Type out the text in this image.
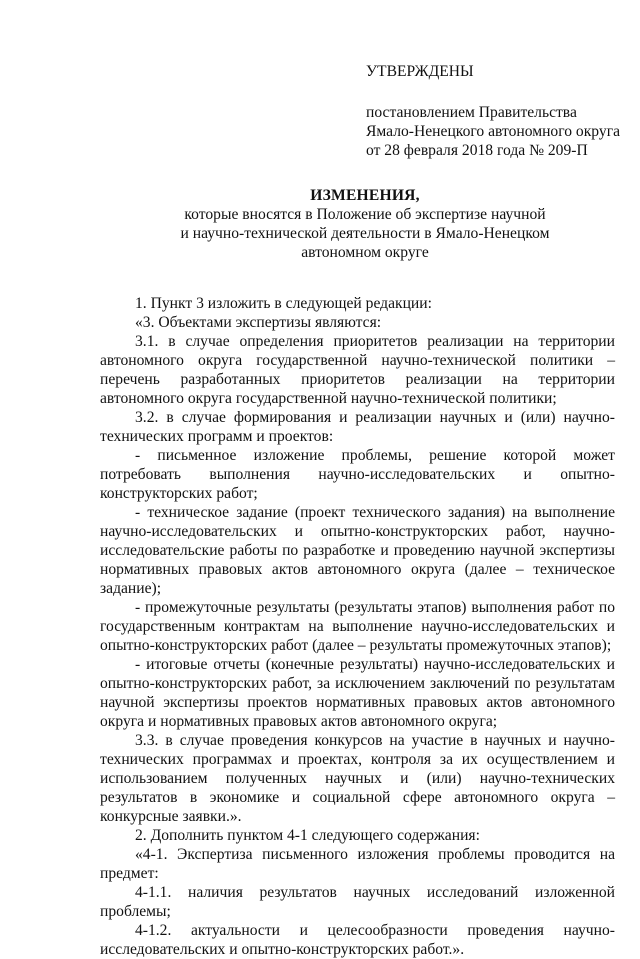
УТВЕРЖДЕНЫ
постановлением Правительства
Ямало-Ненецкого автономного округа
от 28 февраля 2018 года № 209-П
ИЗМЕНЕНИЯ,
которые вносятся в Положение об экспертизе научной
и научно-технической деятельности в Ямало-Ненецком
автономном округе

1. Пункт 3 изложить в следующей редакции:

«3. Объектами экспертизы являются:

3.1. в случае определения приоритетов реализации на территории автономного округа государственной научно-технической политики – перечень разработанных приоритетов реализации на территории автономного округа государственной научно-технической политики;

3.2. в случае формирования и реализации научных и (или) научно-технических программ и проектов:

- письменное изложение проблемы, решение которой может потребовать выполнения научно-исследовательских и опытно-конструкторских работ;

- техническое задание (проект технического задания) на выполнение научно-исследовательских и опытно-конструкторских работ, научно-исследовательские работы по разработке и проведению научной экспертизы нормативных правовых актов автономного округа (далее – техническое задание);

- промежуточные результаты (результаты этапов) выполнения работ по государственным контрактам на выполнение научно-исследовательских и опытно-конструкторских работ (далее – результаты промежуточных этапов);

- итоговые отчеты (конечные результаты) научно-исследовательских и опытно-конструкторских работ, за исключением заключений по результатам научной экспертизы проектов нормативных правовых актов автономного округа и нормативных правовых актов автономного округа;

3.3. в случае проведения конкурсов на участие в научных и научно-технических программах и проектах, контроля за их осуществлением и использованием полученных научных и (или) научно-технических результатов в экономике и социальной сфере автономного округа – конкурсные заявки.».

2. Дополнить пунктом 4-1 следующего содержания:

«4-1. Экспертиза письменного изложения проблемы проводится на предмет:

4-1.1. наличия результатов научных исследований изложенной проблемы;

4-1.2. актуальности и целесообразности проведения научно-исследовательских и опытно-конструкторских работ.».
